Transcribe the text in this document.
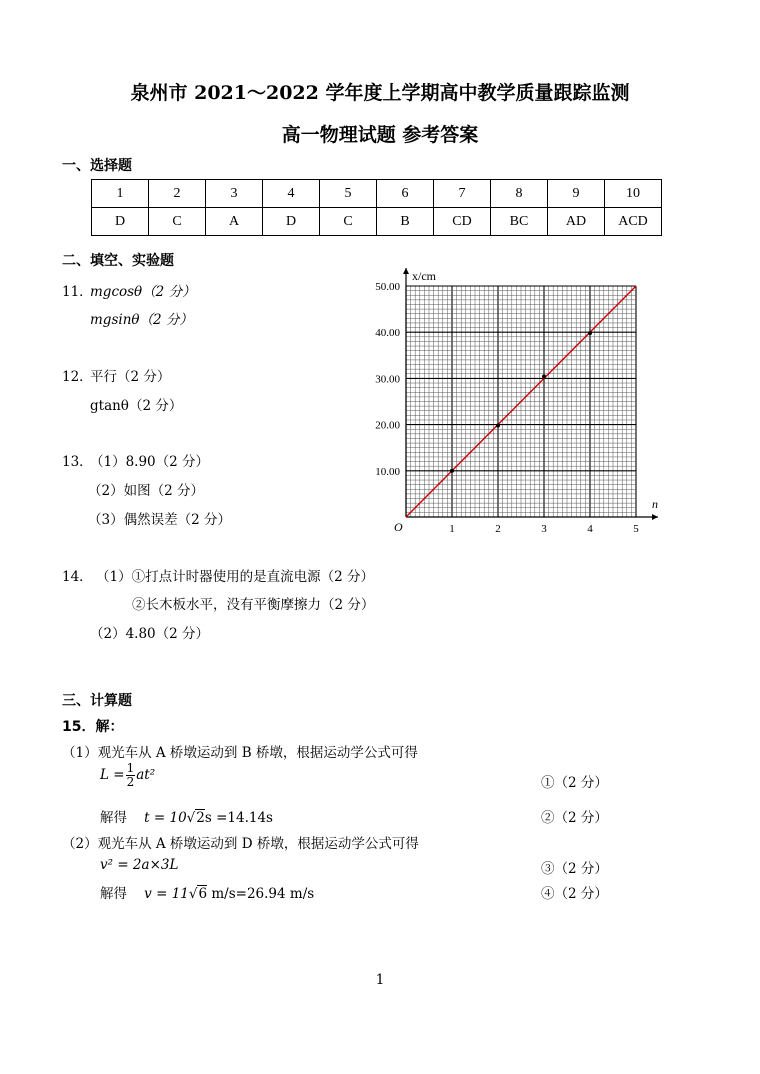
泉州市 2021～2022 学年度上学期高中教学质量跟踪监测
高一物理试题 参考答案
一、选择题
1	2	3	4	5	6	7	8	9	10
D	C	A	D	C	B	CD	BC	AD	ACD
二、填空、实验题
11．
mgcosθ（2 分）
mgsinθ（2 分）
12．
平行（2 分）
gtanθ（2 分）
13．
（1）8.90（2 分）
（2）如图（2 分）
（3）偶然误差（2 分）
1	2	3	4	5
10.00
20.00
30.00
40.00
50.00
O
x/cm
n
14． （1）①打点计时器使用的是直流电源（2 分）
②长木板水平，没有平衡摩擦力（2 分）
（2）4.80（2 分）
三、计算题
15．解：
（1）观光车从 A 桥墩运动到 B 桥墩，根据运动学公式可得
$L = \frac{1}{2} at^2$	①（2 分）
解得 t = 10√2s =14.14s	②（2 分）
（2）观光车从 A 桥墩运动到 D 桥墩，根据运动学公式可得
v² = 2a×3L	③（2 分）
解得 v = 11√6 m/s=26.94 m/s	④（2 分）
1
